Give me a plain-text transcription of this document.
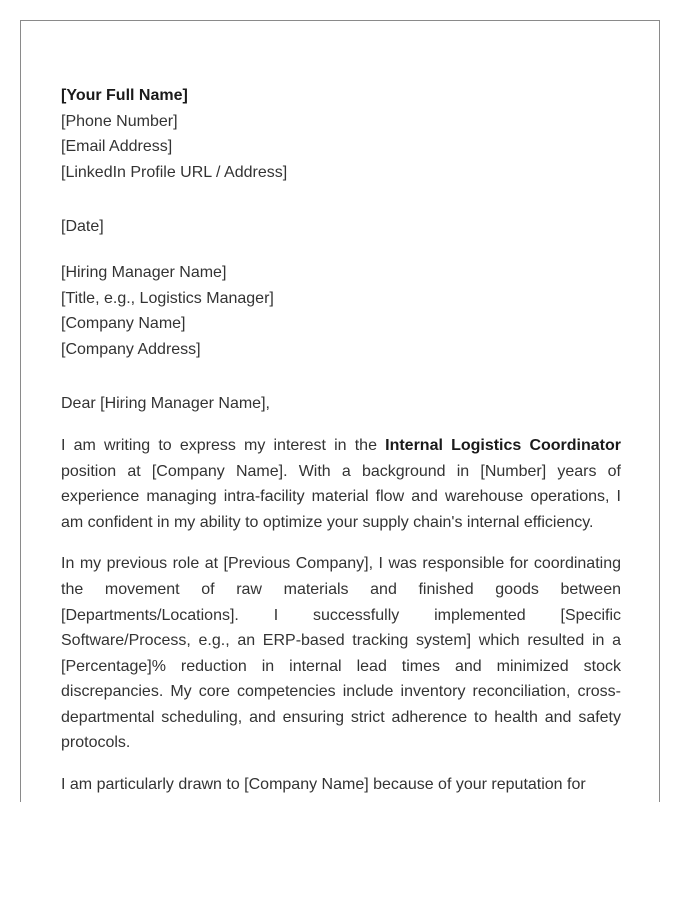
[Your Full Name]
[Phone Number]
[Email Address]
[LinkedIn Profile URL / Address]
[Date]
[Hiring Manager Name]
[Title, e.g., Logistics Manager]
[Company Name]
[Company Address]
Dear [Hiring Manager Name],

I am writing to express my interest in the Internal Logistics Coordinator position at [Company Name]. With a background in [Number] years of experience managing intra-facility material flow and warehouse operations, I am confident in my ability to optimize your supply chain's internal efficiency.

In my previous role at [Previous Company], I was responsible for coordinating the movement of raw materials and finished goods between [Departments/Locations]. I successfully implemented [Specific Software/Process, e.g., an ERP-based tracking system] which resulted in a [Percentage]% reduction in internal lead times and minimized stock discrepancies. My core competencies include inventory reconciliation, cross-departmental scheduling, and ensuring strict adherence to health and safety protocols.

I am particularly drawn to [Company Name] because of your reputation for
